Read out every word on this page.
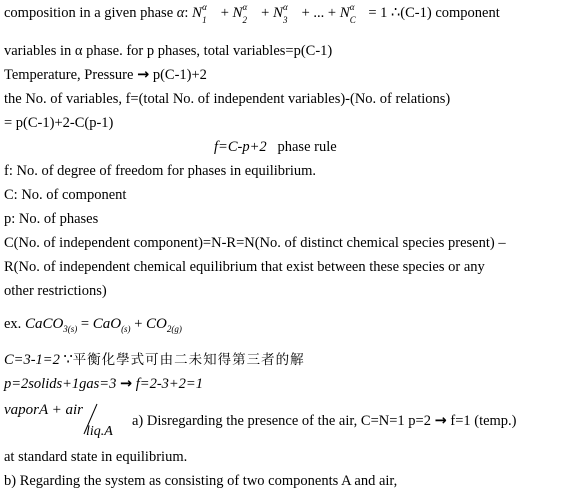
composition in a given phase α: N α
1 + N α
2 + N α
3 + ... + N α
C = 1 ∴(C-1) component
variables in α phase. for p phases, total variables=p(C-1)
Temperature, Pressure → p(C-1)+2
the No. of variables, f=(total No. of independent variables)-(No. of relations)
= p(C-1)+2-C(p-1)
f=C-p+2 phase rule
f: No. of degree of freedom for phases in equilibrium.
C: No. of component
p: No. of phases
C(No. of independent component)=N-R=N(No. of distinct chemical species present) –
R(No. of independent chemical equilibrium that exist between these species or any
other restrictions)
ex. CaCO$_{3(s)}$ = $CaO_{(s)} + CO_{2(g)}$
C=3-1=2 ∵平衡化學式可由二未知得第三者的解
p=2solids+1gas=3 → f=2-3+2=1
vaporA + air
liq.A
a) Disregarding the presence of the air, C=N=1 p=2 → f=1 (temp.)
at standard state in equilibrium.
b) Regarding the system as consisting of two components A and air,
